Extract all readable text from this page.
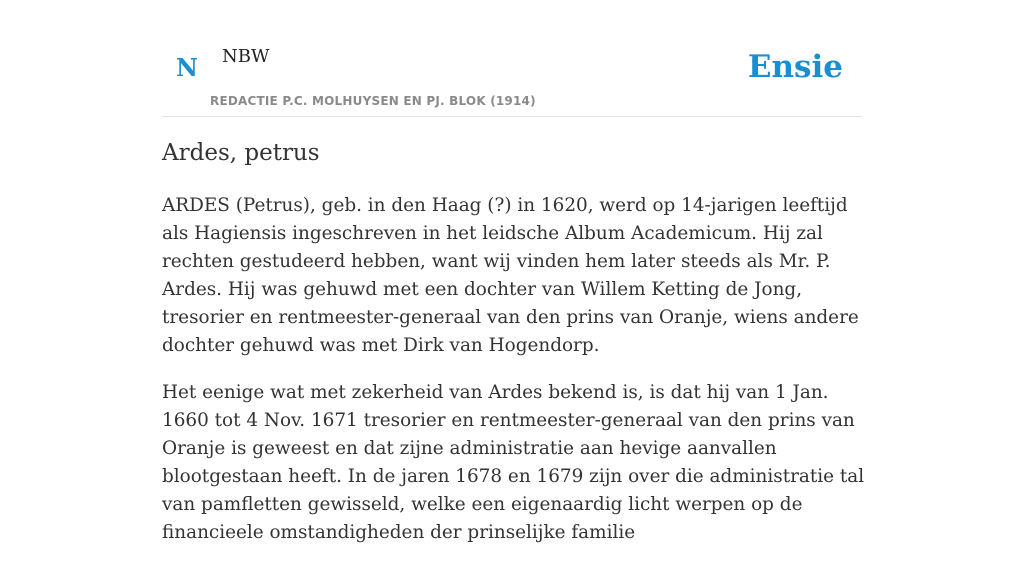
N NBW
REDACTIE P.C. MOLHUYSEN EN PJ. BLOK (1914)
Ensie
Ardes, petrus

ARDES (Petrus), geb. in den Haag (?) in 1620, werd op 14-jarigen leeftijd als Hagiensis ingeschreven in het leidsche Album Academicum. Hij zal rechten gestudeerd hebben, want wij vinden hem later steeds als Mr. P. Ardes. Hij was gehuwd met een dochter van Willem Ketting de Jong, tresorier en rentmeester-generaal van den prins van Oranje, wiens andere dochter gehuwd was met Dirk van Hogendorp.

Het eenige wat met zekerheid van Ardes bekend is, is dat hij van 1 Jan. 1660 tot 4 Nov. 1671 tresorier en rentmeester-generaal van den prins van Oranje is geweest en dat zijne administratie aan hevige aanvallen blootgestaan heeft. In de jaren 1678 en 1679 zijn over die administratie tal van pamfletten gewisseld, welke een eigenaardig licht werpen op de financieele omstandigheden der prinselijke familie
